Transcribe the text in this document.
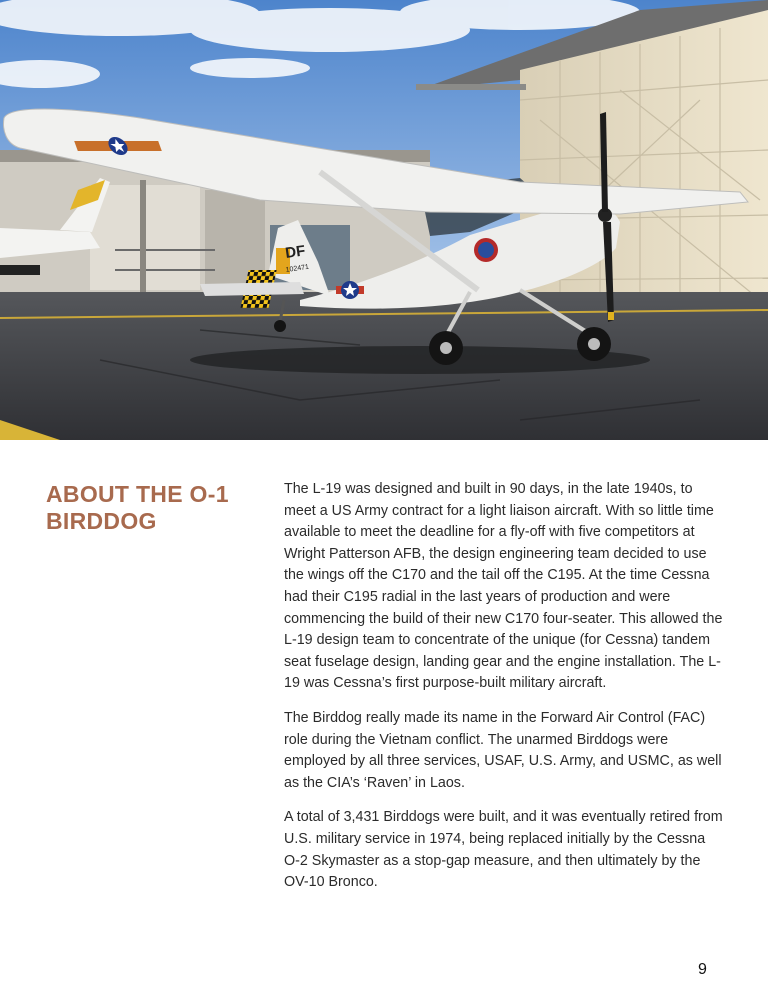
DF
102471
ABOUT THE O-1 BIRDDOG

The L-19 was designed and built in 90 days, in the late 1940s, to meet a US Army contract for a light liaison aircraft. With so little time available to meet the deadline for a fly-off with five competitors at Wright Patterson AFB, the design engineering team decided to use the wings off the C170 and the tail off the C195. At the time Cessna had their C195 radial in the last years of production and were commencing the build of their new C170 four-seater. This allowed the L-19 design team to concentrate of the unique (for Cessna) tandem seat fuselage design, landing gear and the engine installation. The L-19 was Cessna’s first purpose-built military aircraft.

The Birddog really made its name in the Forward Air Control (FAC) role during the Vietnam conflict. The unarmed Birddogs were employed by all three services, USAF, U.S. Army, and USMC, as well as the CIA’s ‘Raven’ in Laos.

A total of 3,431 Birddogs were built, and it was eventually retired from U.S. military service in 1974, being replaced initially by the Cessna O-2 Skymaster as a stop-gap measure, and then ultimately by the OV-10 Bronco.

9
